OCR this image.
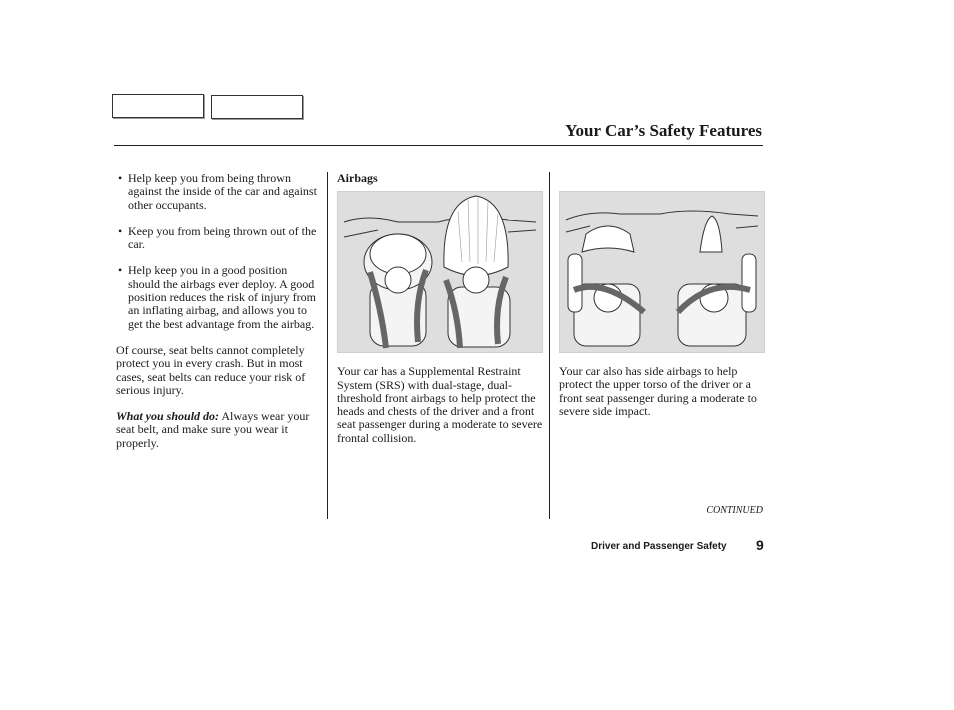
Your Car’s Safety Features
• Help keep you from being thrown against the inside of the car and against other occupants.
• Keep you from being thrown out of the car.
• Help keep you in a good position should the airbags ever deploy. A good position reduces the risk of injury from an inflating airbag, and allows you to get the best advantage from the airbag.

Of course, seat belts cannot completely protect you in every crash. But in most cases, seat belts can reduce your risk of serious injury.

What you should do: Always wear your seat belt, and make sure you wear it properly.

Airbags

Your car has a Supplemental Restraint System (SRS) with dual-stage, dual-threshold front airbags to help protect the heads and chests of the driver and a front seat passenger during a moderate to severe frontal collision.

Your car also has side airbags to help protect the upper torso of the driver or a front seat passenger during a moderate to severe side impact.

CONTINUED
Driver and Passenger Safety 9
